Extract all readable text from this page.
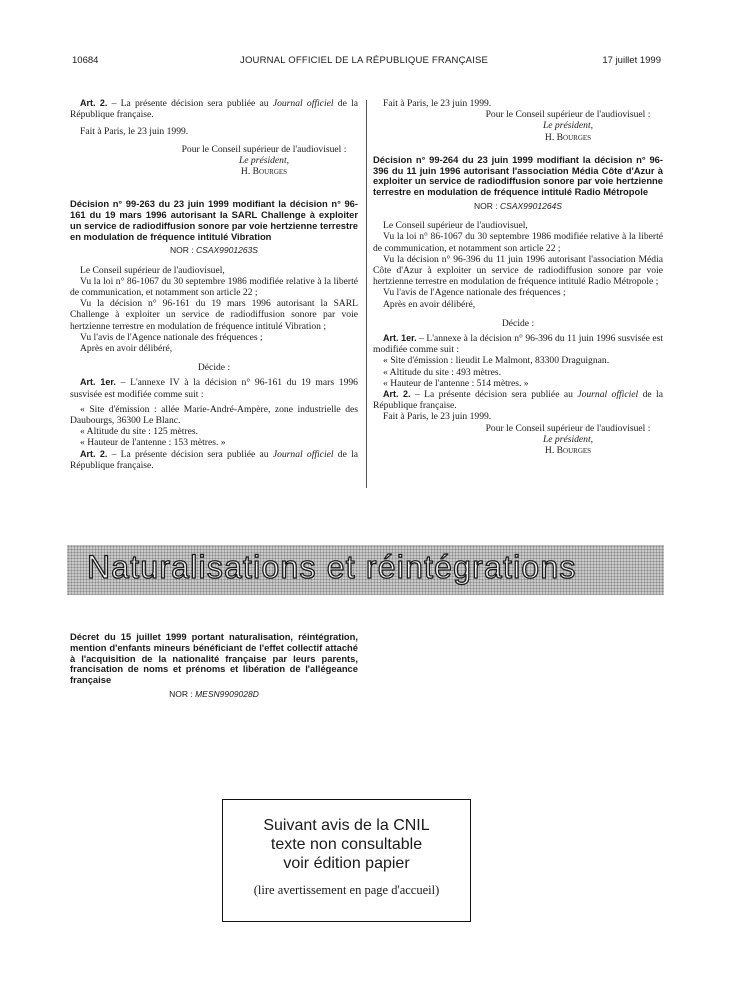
10684	JOURNAL OFFICIEL DE LA RÉPUBLIQUE FRANÇAISE	17 juillet 1999

Art. 2. – La présente décision sera publiée au Journal officiel de la République française.

Fait à Paris, le 23 juin 1999.

Pour le Conseil supérieur de l'audiovisuel :
Le président,
H. Bourges
Décision n° 99-263 du 23 juin 1999 modifiant la décision n° 96-161 du 19 mars 1996 autorisant la SARL Challenge à exploiter un service de radiodiffusion sonore par voie hertzienne terrestre en modulation de fréquence intitulé Vibration
NOR : CSAX9901263S

Le Conseil supérieur de l'audiovisuel,

Vu la loi n° 86-1067 du 30 septembre 1986 modifiée relative à la liberté de communication, et notamment son article 22 ;

Vu la décision n° 96-161 du 19 mars 1996 autorisant la SARL Challenge à exploiter un service de radiodiffusion sonore par voie hertzienne terrestre en modulation de fréquence intitulé Vibration ;

Vu l'avis de l'Agence nationale des fréquences ;

Après en avoir délibéré,

Décide :

Art. 1er. – L'annexe IV à la décision n° 96-161 du 19 mars 1996 susvisée est modifiée comme suit :

« Site d'émission : allée Marie-André-Ampère, zone industrielle des Daubourgs, 36300 Le Blanc.

« Altitude du site : 125 mètres.

« Hauteur de l'antenne : 153 mètres. »

Art. 2. – La présente décision sera publiée au Journal officiel de la République française.

Fait à Paris, le 23 juin 1999.

Pour le Conseil supérieur de l'audiovisuel :
Le président,
H. Bourges
Décision n° 99-264 du 23 juin 1999 modifiant la décision n° 96-396 du 11 juin 1996 autorisant l'association Média Côte d'Azur à exploiter un service de radiodiffusion sonore par voie hertzienne terrestre en modulation de fréquence intitulé Radio Métropole
NOR : CSAX9901264S

Le Conseil supérieur de l'audiovisuel,

Vu la loi n° 86-1067 du 30 septembre 1986 modifiée relative à la liberté de communication, et notamment son article 22 ;

Vu la décision n° 96-396 du 11 juin 1996 autorisant l'association Média Côte d'Azur à exploiter un service de radiodiffusion sonore par voie hertzienne terrestre en modulation de fréquence intitulé Radio Métropole ;

Vu l'avis de l'Agence nationale des fréquences ;

Après en avoir délibéré,

Décide :

Art. 1er. – L'annexe à la décision n° 96-396 du 11 juin 1996 susvisée est modifiée comme suit :

« Site d'émission : lieudit Le Malmont, 83300 Draguignan.

« Altitude du site : 493 mètres.

« Hauteur de l'antenne : 514 mètres. »

Art. 2. – La présente décision sera publiée au Journal officiel de la République française.

Fait à Paris, le 23 juin 1999.

Pour le Conseil supérieur de l'audiovisuel :
Le président,
H. Bourges
Naturalisations et réintégrations
Décret du 15 juillet 1999 portant naturalisation, réintégration, mention d'enfants mineurs bénéficiant de l'effet collectif attaché à l'acquisition de la nationalité française par leurs parents, francisation de noms et prénoms et libération de l'allégeance française
NOR : MESN9909028D
Suivant avis de la CNIL
texte non consultable
voir édition papier
(lire avertissement en page d'accueil)
